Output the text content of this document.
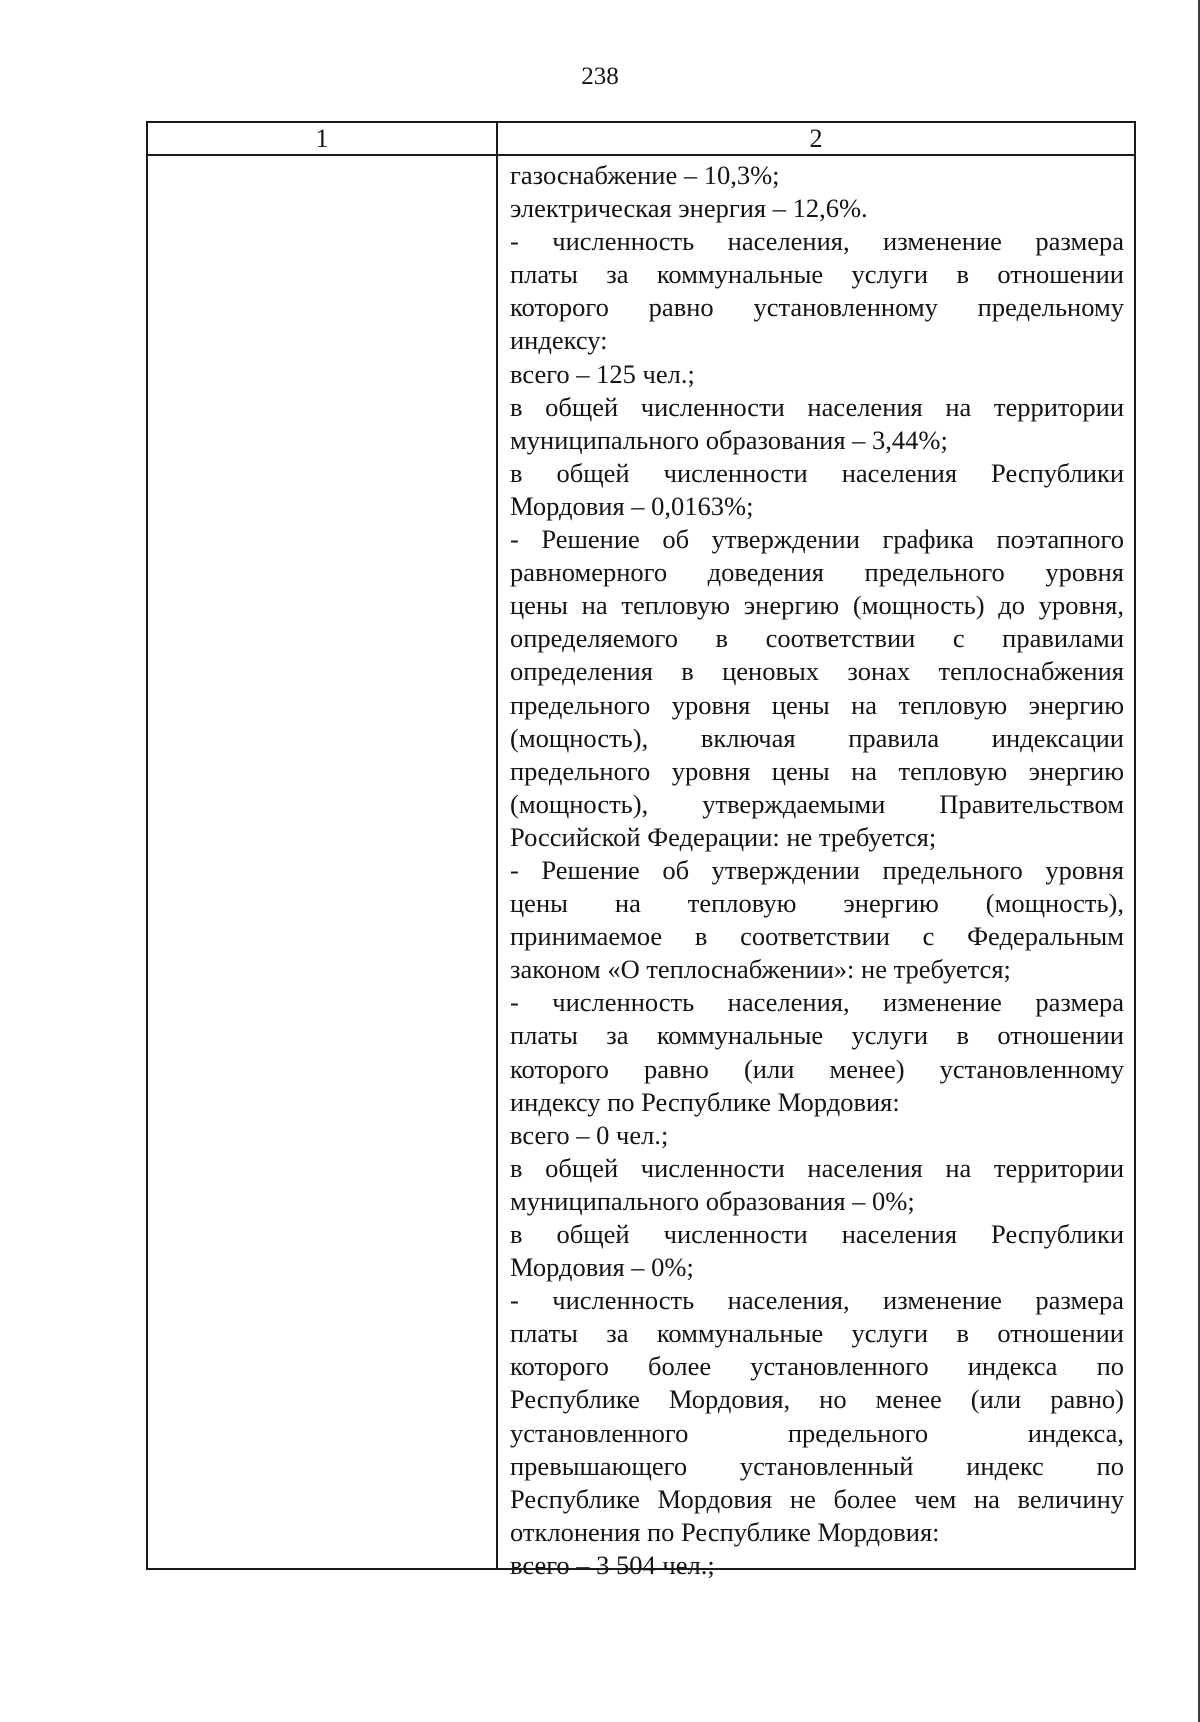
238
1	2
газоснабжение – 10,3%;
электрическая энергия – 12,6%.
- численность населения, изменение размера
платы за коммунальные услуги в отношении
которого равно установленному предельному
индексу:
всего – 125 чел.;
в общей численности населения на территории
муниципального образования – 3,44%;
в общей численности населения Республики
Мордовия – 0,0163%;
- Решение об утверждении графика поэтапного
равномерного доведения предельного уровня
цены на тепловую энергию (мощность) до уровня,
определяемого в соответствии с правилами
определения в ценовых зонах теплоснабжения
предельного уровня цены на тепловую энергию
(мощность), включая правила индексации
предельного уровня цены на тепловую энергию
(мощность), утверждаемыми Правительством
Российской Федерации: не требуется;
- Решение об утверждении предельного уровня
цены на тепловую энергию (мощность),
принимаемое в соответствии с Федеральным
законом «О теплоснабжении»: не требуется;
- численность населения, изменение размера
платы за коммунальные услуги в отношении
которого равно (или менее) установленному
индексу по Республике Мордовия:
всего – 0 чел.;
в общей численности населения на территории
муниципального образования – 0%;
в общей численности населения Республики
Мордовия – 0%;
- численность населения, изменение размера
платы за коммунальные услуги в отношении
которого более установленного индекса по
Республике Мордовия, но менее (или равно)
установленного предельного индекса,
превышающего установленный индекс по
Республике Мордовия не более чем на величину
отклонения по Республике Мордовия:
всего – 3 504 чел.;
